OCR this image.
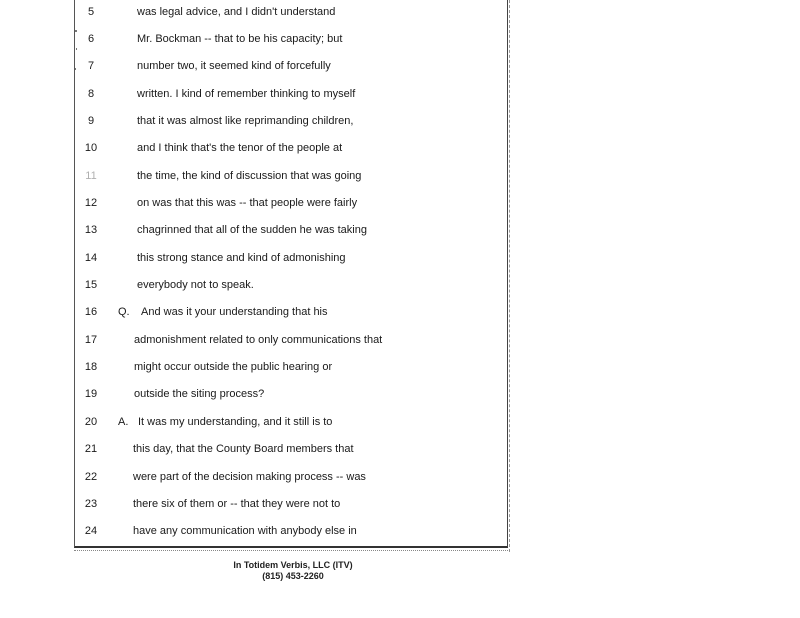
5	was legal advice, and I didn't understand
6	Mr. Bockman -- that to be his capacity; but
7	number two, it seemed kind of forcefully
8	written. I kind of remember thinking to myself
9	that it was almost like reprimanding children,
10	and I think that's the tenor of the people at
11	the time, the kind of discussion that was going
12	on was that this was -- that people were fairly
13	chagrinned that all of the sudden he was taking
14	this strong stance and kind of admonishing
15	everybody not to speak.
16	Q. And was it your understanding that his
17	admonishment related to only communications that
18	might occur outside the public hearing or
19	outside the siting process?
20	A. It was my understanding, and it still is to
21	this day, that the County Board members that
22	were part of the decision making process -- was
23	there six of them or -- that they were not to
24	have any communication with anybody else in
In Totidem Verbis, LLC (ITV)
(815) 453-2260
